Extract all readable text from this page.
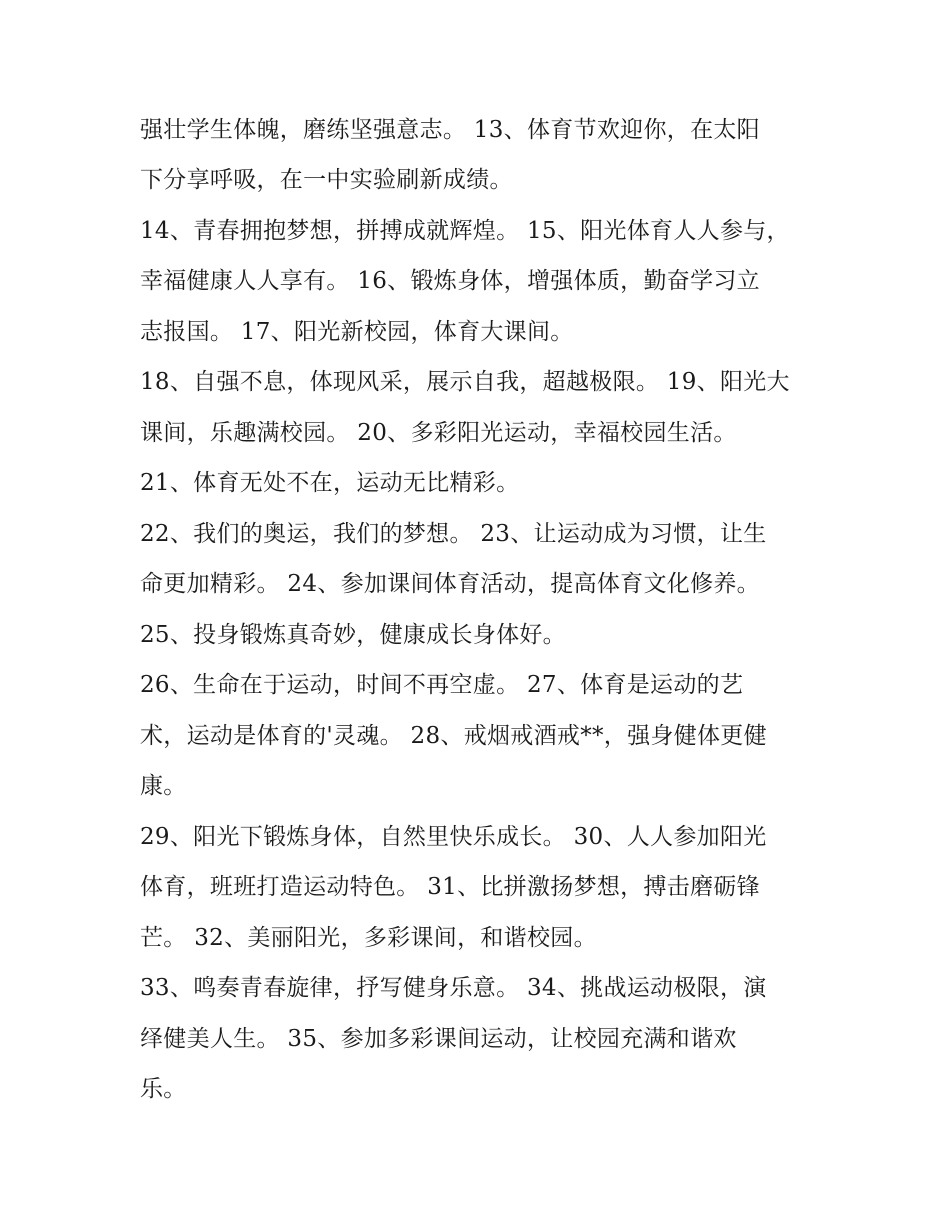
强壮学生体魄，磨练坚强意志。 13、体育节欢迎你，在太阳
下分享呼吸，在一中实验刷新成绩。
14、青春拥抱梦想，拼搏成就辉煌。 15、阳光体育人人参与，
幸福健康人人享有。 16、锻炼身体，增强体质，勤奋学习立
志报国。 17、阳光新校园，体育大课间。
18、自强不息，体现风采，展示自我，超越极限。 19、阳光大
课间，乐趣满校园。 20、多彩阳光运动，幸福校园生活。
21、体育无处不在，运动无比精彩。
22、我们的奥运，我们的梦想。 23、让运动成为习惯，让生
命更加精彩。 24、参加课间体育活动，提高体育文化修养。
25、投身锻炼真奇妙，健康成长身体好。
26、生命在于运动，时间不再空虚。 27、体育是运动的艺
术，运动是体育的'灵魂。 28、戒烟戒酒戒**，强身健体更健
康。
29、阳光下锻炼身体，自然里快乐成长。 30、人人参加阳光
体育，班班打造运动特色。 31、比拼激扬梦想，搏击磨砺锋
芒。 32、美丽阳光，多彩课间，和谐校园。
33、鸣奏青春旋律，抒写健身乐意。 34、挑战运动极限，演
绎健美人生。 35、参加多彩课间运动，让校园充满和谐欢
乐。
